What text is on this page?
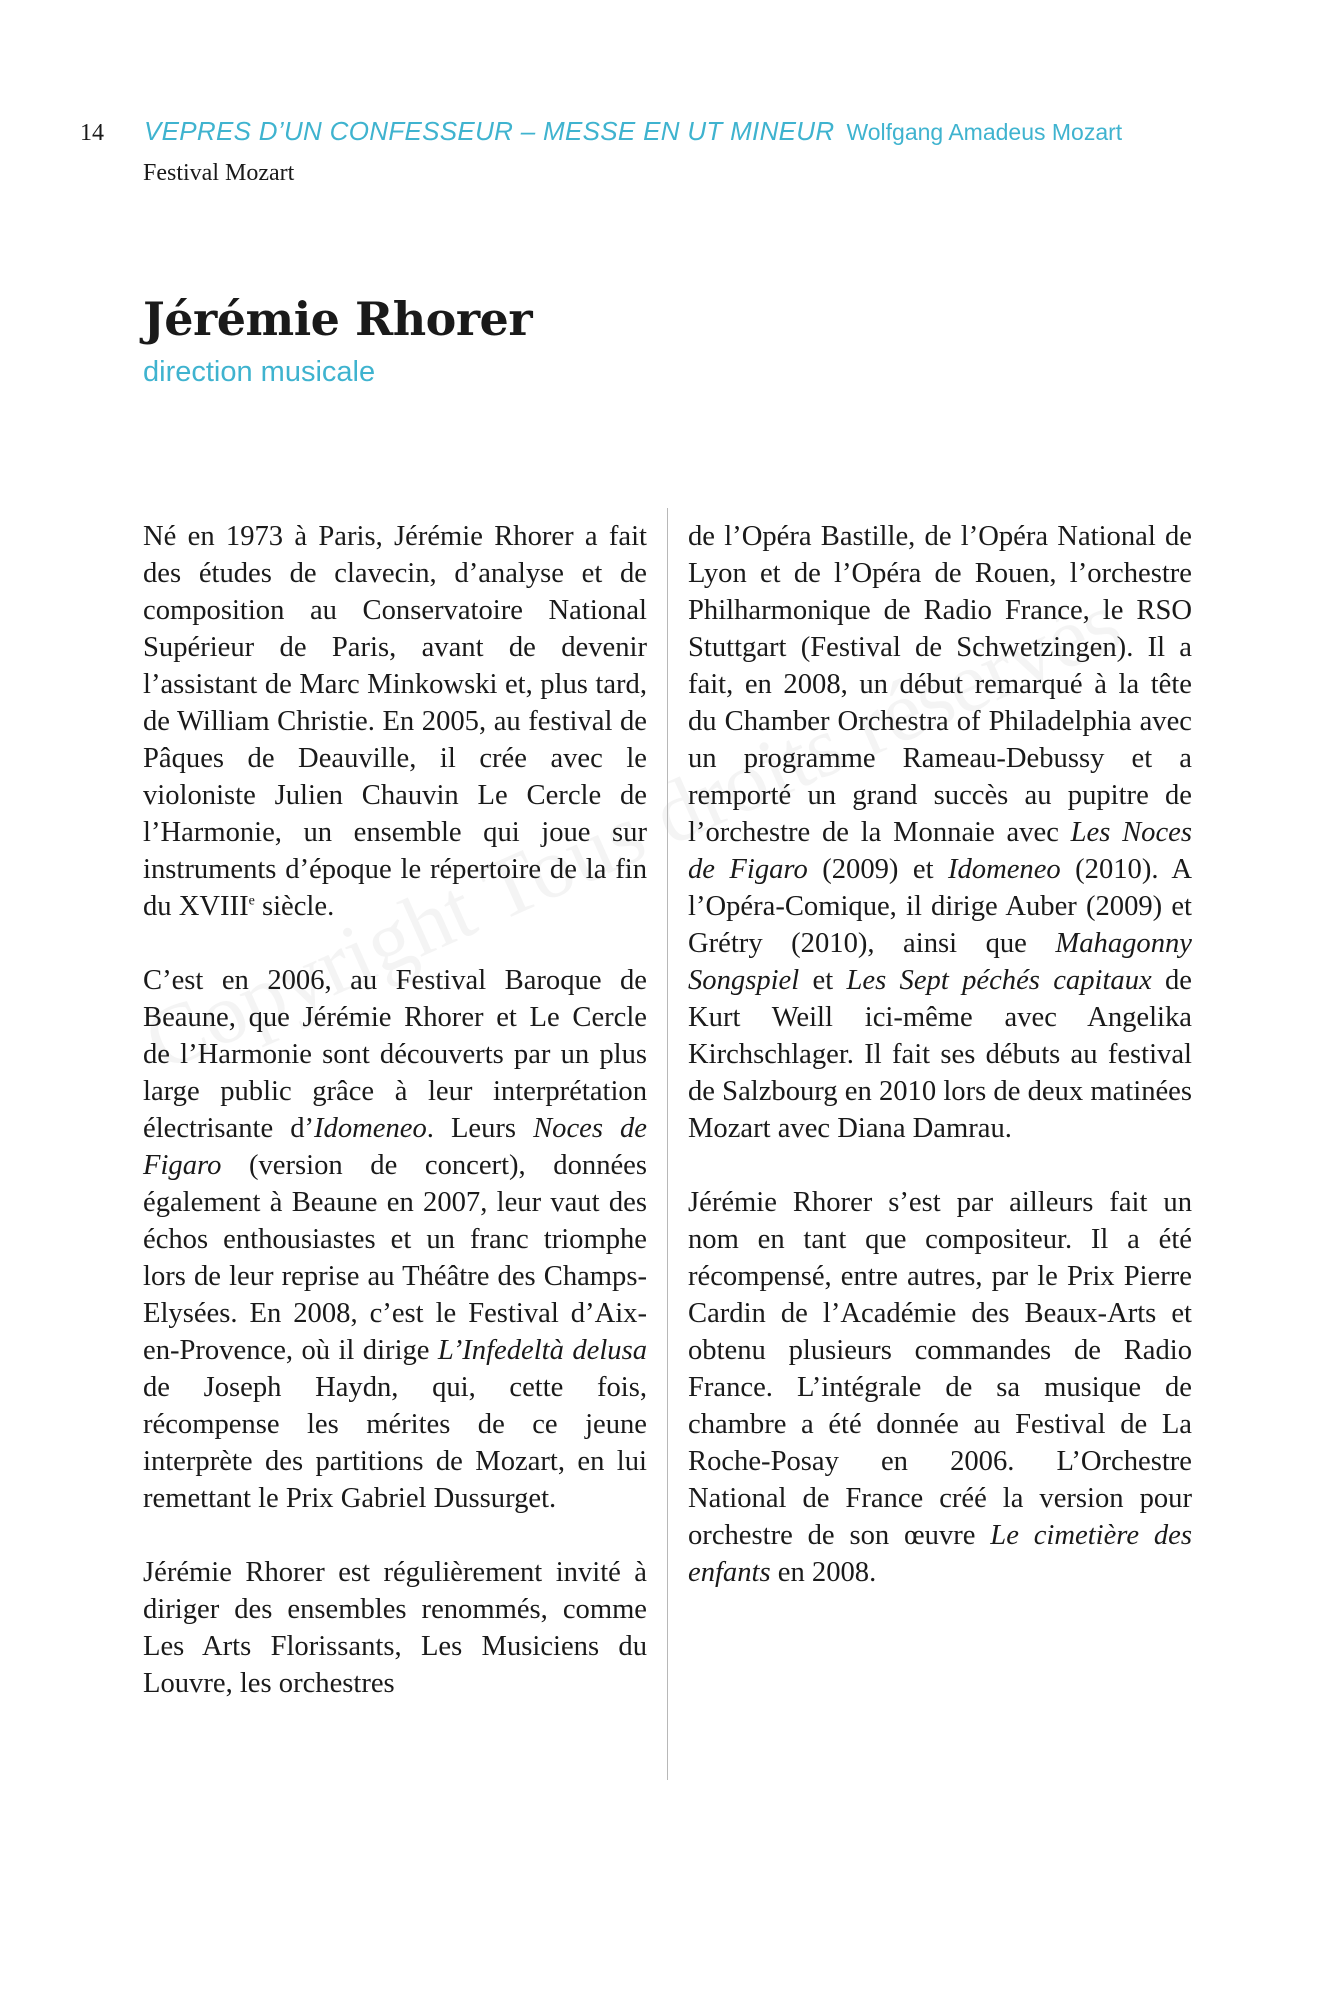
14 VEPRES D’UN CONFESSEUR – MESSE EN UT MINEUR Wolfgang Amadeus Mozart
Festival Mozart
Jérémie Rhorer
direction musicale

Né en 1973 à Paris, Jérémie Rhorer a fait des études de clavecin, d’analyse et de composition au Conservatoire National Supérieur de Paris, avant de devenir l’assistant de Marc Minkowski et, plus tard, de William Christie. En 2005, au festival de Pâques de Deauville, il crée avec le violoniste Julien Chauvin Le Cercle de l’Harmonie, un ensemble qui joue sur instruments d’époque le répertoire de la fin du XVIIIe siècle.

C’est en 2006, au Festival Baroque de Beaune, que Jérémie Rhorer et Le Cercle de l’Harmonie sont découverts par un plus large public grâce à leur interprétation électrisante d’Idomeneo. Leurs Noces de Figaro (version de concert), données également à Beaune en 2007, leur vaut des échos enthousiastes et un franc triomphe lors de leur reprise au Théâtre des Champs-Elysées. En 2008, c’est le Festival d’Aix-en-Provence, où il dirige L’Infedeltà delusa de Joseph Haydn, qui, cette fois, récompense les mérites de ce jeune interprète des partitions de Mozart, en lui remettant le Prix Gabriel Dussurget.

Jérémie Rhorer est régulièrement invité à diriger des ensembles renommés, comme Les Arts Florissants, Les Musiciens du Louvre, les orchestres

de l’Opéra Bastille, de l’Opéra National de Lyon et de l’Opéra de Rouen, l’orchestre Philharmonique de Radio France, le RSO Stuttgart (Festival de Schwetzingen). Il a fait, en 2008, un début remarqué à la tête du Chamber Orchestra of Philadelphia avec un programme Rameau-Debussy et a remporté un grand succès au pupitre de l’orchestre de la Monnaie avec Les Noces de Figaro (2009) et Idomeneo (2010). A l’Opéra-Comique, il dirige Auber (2009) et Grétry (2010), ainsi que Mahagonny Songspiel et Les Sept péchés capitaux de Kurt Weill ici-même avec Angelika Kirchschlager. Il fait ses débuts au festival de Salzbourg en 2010 lors de deux matinées Mozart avec Diana Damrau.

Jérémie Rhorer s’est par ailleurs fait un nom en tant que compositeur. Il a été récompensé, entre autres, par le Prix Pierre Cardin de l’Académie des Beaux-Arts et obtenu plusieurs commandes de Radio France. L’intégrale de sa musique de chambre a été donnée au Festival de La Roche-Posay en 2006. L’Orchestre National de France créé la version pour orchestre de son œuvre Le cimetière des enfants en 2008.
